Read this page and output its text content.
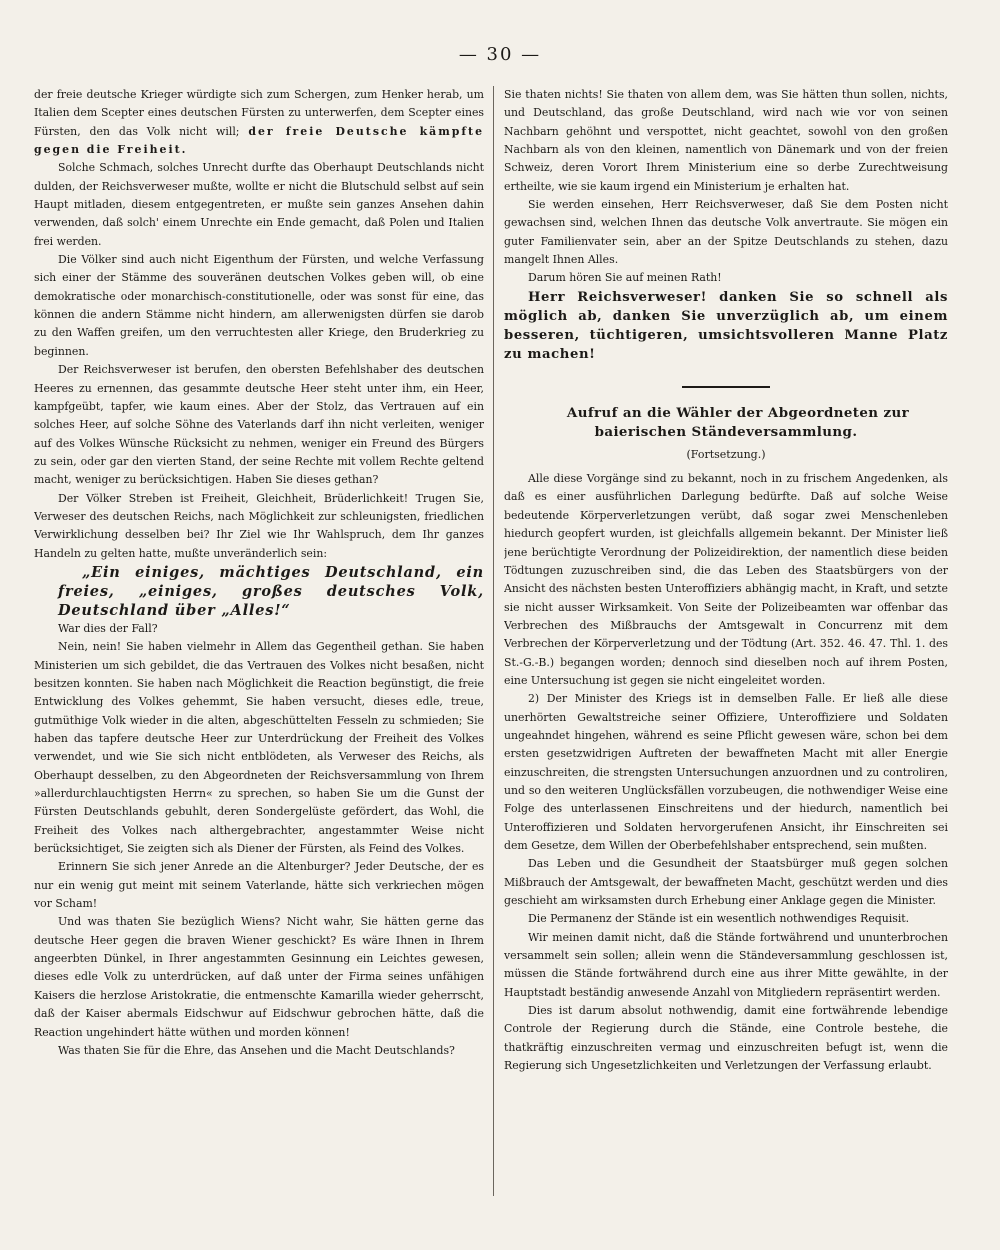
— 30 —

der freie deutsche Krieger würdigte sich zum Schergen, zum Henker herab, um Italien dem Scepter eines deutschen Fürsten zu unterwerfen, dem Scepter eines Fürsten, den das Volk nicht will; der freie Deutsche kämpfte gegen die Freiheit.

Solche Schmach, solches Unrecht durfte das Oberhaupt Deutschlands nicht dulden, der Reichsverweser mußte, wollte er nicht die Blutschuld selbst auf sein Haupt mitladen, diesem entgegentreten, er mußte sein ganzes Ansehen dahin verwenden, daß solch' einem Unrechte ein Ende gemacht, daß Polen und Italien frei werden.

Die Völker sind auch nicht Eigenthum der Fürsten, und welche Verfassung sich einer der Stämme des souveränen deutschen Volkes geben will, ob eine demokratische oder monarchisch-constitutionelle, oder was sonst für eine, das können die andern Stämme nicht hindern, am allerwenigsten dürfen sie darob zu den Waffen greifen, um den verruchtesten aller Kriege, den Bruderkrieg zu beginnen.

Der Reichsverweser ist berufen, den obersten Befehlshaber des deutschen Heeres zu ernennen, das gesammte deutsche Heer steht unter ihm, ein Heer, kampfgeübt, tapfer, wie kaum eines. Aber der Stolz, das Vertrauen auf ein solches Heer, auf solche Söhne des Vaterlands darf ihn nicht verleiten, weniger auf des Volkes Wünsche Rücksicht zu nehmen, weniger ein Freund des Bürgers zu sein, oder gar den vierten Stand, der seine Rechte mit vollem Rechte geltend macht, weniger zu berücksichtigen. Haben Sie dieses gethan?

Der Völker Streben ist Freiheit, Gleichheit, Brüderlichkeit! Trugen Sie, Verweser des deutschen Reichs, nach Möglichkeit zur schleunigsten, friedlichen Verwirklichung desselben bei? Ihr Ziel wie Ihr Wahlspruch, dem Ihr ganzes Handeln zu gelten hatte, mußte unveränderlich sein:

„Ein einiges, mächtiges Deutschland, ein freies, „einiges, großes deutsches Volk, Deutschland über „Alles!“

War dies der Fall?

Nein, nein! Sie haben vielmehr in Allem das Gegentheil gethan. Sie haben Ministerien um sich gebildet, die das Vertrauen des Volkes nicht besaßen, nicht besitzen konnten. Sie haben nach Möglichkeit die Reaction begünstigt, die freie Entwicklung des Volkes gehemmt, Sie haben versucht, dieses edle, treue, gutmüthige Volk wieder in die alten, abgeschüttelten Fesseln zu schmieden; Sie haben das tapfere deutsche Heer zur Unterdrückung der Freiheit des Volkes verwendet, und wie Sie sich nicht entblödeten, als Verweser des Reichs, als Oberhaupt desselben, zu den Abgeordneten der Reichsversammlung von Ihrem »allerdurchlauchtigsten Herrn« zu sprechen, so haben Sie um die Gunst der Fürsten Deutschlands gebuhlt, deren Sondergelüste gefördert, das Wohl, die Freiheit des Volkes nach althergebrachter, angestammter Weise nicht berücksichtiget, Sie zeigten sich als Diener der Fürsten, als Feind des Volkes.

Erinnern Sie sich jener Anrede an die Altenburger? Jeder Deutsche, der es nur ein wenig gut meint mit seinem Vaterlande, hätte sich verkriechen mögen vor Scham!

Und was thaten Sie bezüglich Wiens? Nicht wahr, Sie hätten gerne das deutsche Heer gegen die braven Wiener geschickt? Es wäre Ihnen in Ihrem angeerbten Dünkel, in Ihrer angestammten Gesinnung ein Leichtes gewesen, dieses edle Volk zu unterdrücken, auf daß unter der Firma seines unfähigen Kaisers die herzlose Aristokratie, die entmenschte Kamarilla wieder geherrscht, daß der Kaiser abermals Eidschwur auf Eidschwur gebrochen hätte, daß die Reaction ungehindert hätte wüthen und morden können!

Was thaten Sie für die Ehre, das Ansehen und die Macht Deutschlands?

Sie thaten nichts! Sie thaten von allem dem, was Sie hätten thun sollen, nichts, und Deutschland, das große Deutschland, wird nach wie vor von seinen Nachbarn gehöhnt und verspottet, nicht geachtet, sowohl von den großen Nachbarn als von den kleinen, namentlich von Dänemark und von der freien Schweiz, deren Vorort Ihrem Ministerium eine so derbe Zurechtweisung ertheilte, wie sie kaum irgend ein Ministerium je erhalten hat.

Sie werden einsehen, Herr Reichsverweser, daß Sie dem Posten nicht gewachsen sind, welchen Ihnen das deutsche Volk anvertraute. Sie mögen ein guter Familienvater sein, aber an der Spitze Deutschlands zu stehen, dazu mangelt Ihnen Alles.

Darum hören Sie auf meinen Rath!

Herr Reichsverweser! danken Sie so schnell als möglich ab, danken Sie unverzüglich ab, um einem besseren, tüchtigeren, umsichtsvolleren Manne Platz zu machen!

Aufruf an die Wähler der Abgeordneten zur baierischen Ständeversammlung.

(Fortsetzung.)

Alle diese Vorgänge sind zu bekannt, noch in zu frischem Angedenken, als daß es einer ausführlichen Darlegung bedürfte. Daß auf solche Weise bedeutende Körperverletzungen verübt, daß sogar zwei Menschenleben hiedurch geopfert wurden, ist gleichfalls allgemein bekannt. Der Minister ließ jene berüchtigte Verordnung der Polizeidirektion, der namentlich diese beiden Tödtungen zuzuschreiben sind, die das Leben des Staatsbürgers von der Ansicht des nächsten besten Unteroffiziers abhängig macht, in Kraft, und setzte sie nicht ausser Wirksamkeit. Von Seite der Polizeibeamten war offenbar das Verbrechen des Mißbrauchs der Amtsgewalt in Concurrenz mit dem Verbrechen der Körperverletzung und der Tödtung (Art. 352. 46. 47. Thl. 1. des St.-G.-B.) begangen worden; dennoch sind dieselben noch auf ihrem Posten, eine Untersuchung ist gegen sie nicht eingeleitet worden.

2) Der Minister des Kriegs ist in demselben Falle. Er ließ alle diese unerhörten Gewaltstreiche seiner Offiziere, Unteroffiziere und Soldaten ungeahndet hingehen, während es seine Pflicht gewesen wäre, schon bei dem ersten gesetzwidrigen Auftreten der bewaffneten Macht mit aller Energie einzuschreiten, die strengsten Untersuchungen anzuordnen und zu controliren, und so den weiteren Unglücksfällen vorzubeugen, die nothwendiger Weise eine Folge des unterlassenen Einschreitens und der hiedurch, namentlich bei Unteroffizieren und Soldaten hervorgerufenen Ansicht, ihr Einschreiten sei dem Gesetze, dem Willen der Oberbefehlshaber entsprechend, sein mußten.

Das Leben und die Gesundheit der Staatsbürger muß gegen solchen Mißbrauch der Amtsgewalt, der bewaffneten Macht, geschützt werden und dies geschieht am wirksamsten durch Erhebung einer Anklage gegen die Minister.

Die Permanenz der Stände ist ein wesentlich nothwendiges Requisit.

Wir meinen damit nicht, daß die Stände fortwährend und ununterbrochen versammelt sein sollen; allein wenn die Ständeversammlung geschlossen ist, müssen die Stände fortwährend durch eine aus ihrer Mitte gewählte, in der Hauptstadt beständig anwesende Anzahl von Mitgliedern repräsentirt werden.

Dies ist darum absolut nothwendig, damit eine fortwährende lebendige Controle der Regierung durch die Stände, eine Controle bestehe, die thatkräftig einzuschreiten vermag und einzuschreiten befugt ist, wenn die Regierung sich Ungesetzlichkeiten und Verletzungen der Verfassung erlaubt.
